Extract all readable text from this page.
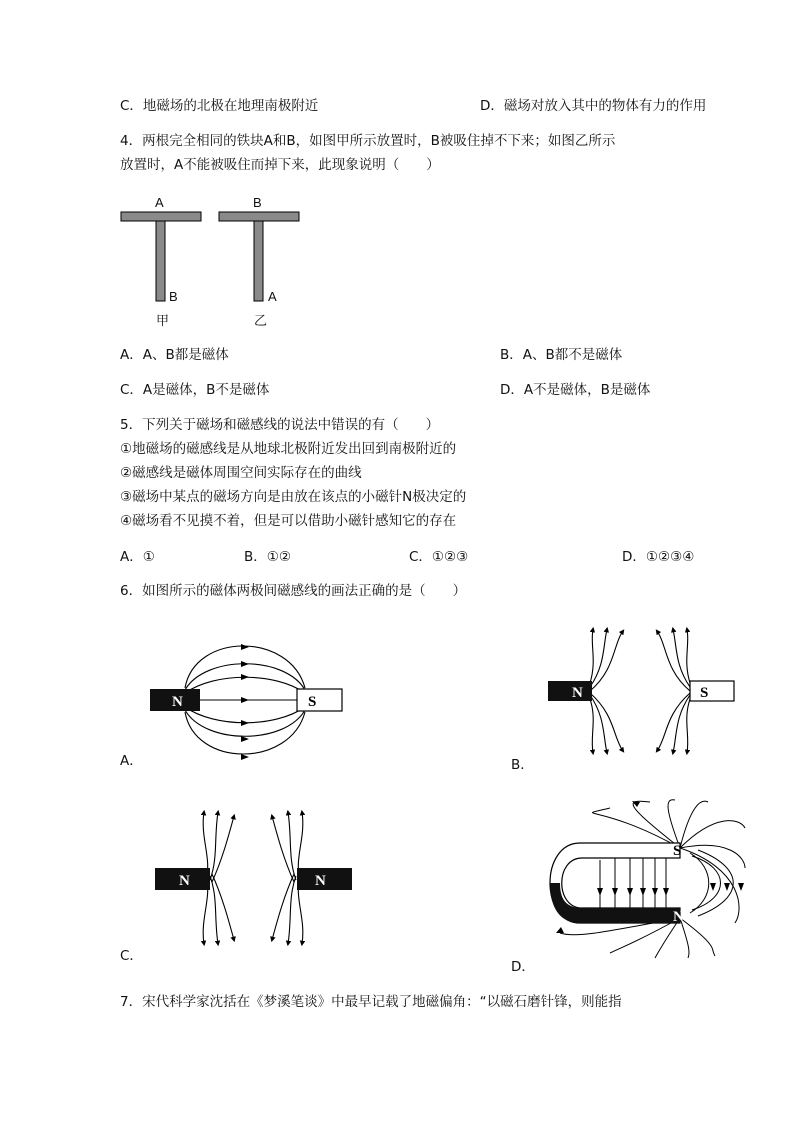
C．地磁场的北极在地理南极附近	D．磁场对放入其中的物体有力的作用
4．两根完全相同的铁块A和B，如图甲所示放置时，B被吸住掉不下来；如图乙所示
放置时，A不能被吸住而掉下来，此现象说明（　　）
A
B
甲
B
A
乙
A．A、B都是磁体	B．A、B都不是磁体
C．A是磁体，B不是磁体	D．A不是磁体，B是磁体
5．下列关于磁场和磁感线的说法中错误的有（　　）
①地磁场的磁感线是从地球北极附近发出回到南极附近的
②磁感线是磁体周围空间实际存在的曲线
③磁场中某点的磁场方向是由放在该点的小磁针N极决定的
④磁场看不见摸不着，但是可以借助小磁针感知它的存在
A．①	B．①②	C．①②③	D．①②③④
6．如图所示的磁体两极间磁感线的画法正确的是（　　）
N	S
A．
N	S
B．
N	N
C．
S
N
D．
7．宋代科学家沈括在《梦溪笔谈》中最早记载了地磁偏角：“以磁石磨针锋，则能指
